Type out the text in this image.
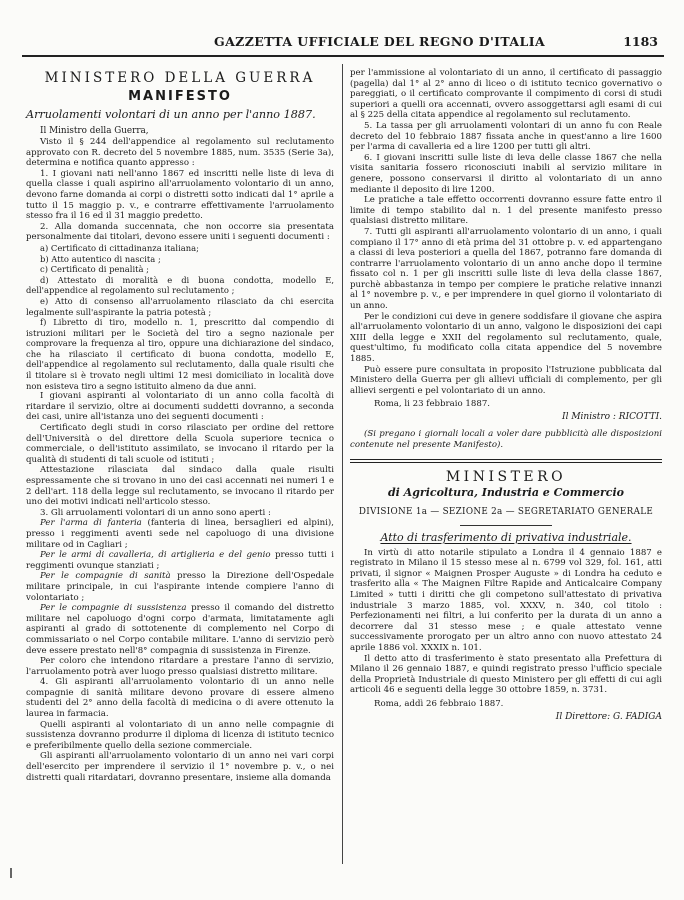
GAZZETTA UFFICIALE DEL REGNO D'ITALIA	1183
MINISTERO DELLA GUERRA
MANIFESTO
Arruolamenti volontari di un anno per l'anno 1887.

Il Ministro della Guerra,

Visto il § 244 dell'appendice al regolamento sul reclutamento approvato con R. decreto del 5 novembre 1885, num. 3535 (Serie 3a), determina e notifica quanto appresso :

1. I giovani nati nell'anno 1867 ed inscritti nelle liste di leva di quella classe i quali aspirino all'arruolamento volontario di un anno, devono farne domanda ai corpi o distretti sotto indicati dal 1° aprile a tutto il 15 maggio p. v., e contrarre effettivamente l'arruolamento stesso fra il 16 ed il 31 maggio predetto.

2. Alla domanda succennata, che non occorre sia presentata personalmente dai titolari, devono essere uniti i seguenti documenti :

a) Certificato di cittadinanza italiana;

b) Atto autentico di nascita ;

c) Certificato di penalità ;

d) Attestato di moralità e di buona condotta, modello E, dell'appendice al regolamento sul reclutamento ;

e) Atto di consenso all'arruolamento rilasciato da chi esercita legalmente sull'aspirante la patria potestà ;

f) Libretto di tiro, modello n. 1, prescritto dal compendio di istruzioni militari per le Società del tiro a segno nazionale per comprovare la frequenza al tiro, oppure una dichiarazione del sindaco, che ha rilasciato il certificato di buona condotta, modello E, dell'appendice al regolamento sul reclutamento, dalla quale risulti che il titolare si è trovato negli ultimi 12 mesi domiciliato in località dove non esisteva tiro a segno istituito almeno da due anni.

I giovani aspiranti al volontariato di un anno colla facoltà di ritardare il servizio, oltre ai documenti suddetti dovranno, a seconda dei casi, unire all'istanza uno dei seguenti documenti :

Certificato degli studi in corso rilasciato per ordine del rettore dell'Università o del direttore della Scuola superiore tecnica o commerciale, o dell'istituto assimilato, se invocano il ritardo per la qualità di studenti di tali scuole od istituti ;

Attestazione rilasciata dal sindaco dalla quale risulti espressamente che si trovano in uno dei casi accennati nei numeri 1 e 2 dell'art. 118 della legge sul reclutamento, se invocano il ritardo per uno dei motivi indicati nell'articolo stesso.

3. Gli arruolamenti volontari di un anno sono aperti :

Per l'arma di fanteria (fanteria di linea, bersaglieri ed alpini), presso i reggimenti aventi sede nel capoluogo di una divisione militare od in Cagliari ;

Per le armi di cavalleria, di artiglieria e del genio presso tutti i reggimenti ovunque stanziati ;

Per le compagnie di sanità presso la Direzione dell'Ospedale militare principale, in cui l'aspirante intende compiere l'anno di volontariato ;

Per le compagnie di sussistenza presso il comando del distretto militare nel capoluogo d'ogni corpo d'armata, limitatamente agli aspiranti al grado di sottotenente di complemento nel Corpo di commissariato o nel Corpo contabile militare. L'anno di servizio però deve essere prestato nell'8° compagnia di sussistenza in Firenze.

Per coloro che intendono ritardare a prestare l'anno di servizio, l'arruolamento potrà aver luogo presso qualsiasi distretto militare.

4. Gli aspiranti all'arruolamento volontario di un anno nelle compagnie di sanità militare devono provare di essere almeno studenti del 2° anno della facoltà di medicina o di avere ottenuto la laurea in farmacia.

Quelli aspiranti al volontariato di un anno nelle compagnie di sussistenza dovranno produrre il diploma di licenza di istituto tecnico e preferibilmente quello della sezione commerciale.

Gli aspiranti all'arruolamento volontario di un anno nei vari corpi dell'esercito per imprendere il servizio il 1° novembre p. v., o nei distretti quali ritardatari, dovranno presentare, insieme alla domanda

per l'ammissione al volontariato di un anno, il certificato di passaggio (pagella) dal 1° al 2° anno di liceo o di istituto tecnico governativo o pareggiati, o il certificato comprovante il compimento di corsi di studi superiori a quelli ora accennati, ovvero assoggettarsi agli esami di cui al § 225 della citata appendice al regolamento sul reclutamento.

5. La tassa per gli arruolamenti volontari di un anno fu con Reale decreto del 10 febbraio 1887 fissata anche in quest'anno a lire 1600 per l'arma di cavalleria ed a lire 1200 per tutti gli altri.

6. I giovani inscritti sulle liste di leva delle classe 1867 che nella visita sanitaria fossero riconosciuti inabili al servizio militare in genere, possono conservarsi il diritto al volontariato di un anno mediante il deposito di lire 1200.

Le pratiche a tale effetto occorrenti dovranno essure fatte entro il limite di tempo stabilito dal n. 1 del presente manifesto presso qualsiasi distretto militare.

7. Tutti gli aspiranti all'arruolamento volontario di un anno, i quali compiano il 17° anno di età prima del 31 ottobre p. v. ed appartengano a classi di leva posteriori a quella del 1867, potranno fare domanda di contrarre l'arruolamento volontario di un anno anche dopo il termine fissato col n. 1 per gli inscritti sulle liste di leva della classe 1867, purchè abbastanza in tempo per compiere le pratiche relative innanzi al 1° novembre p. v., e per imprendere in quel giorno il volontariato di un anno.

Per le condizioni cui deve in genere soddisfare il giovane che aspira all'arruolamento volontario di un anno, valgono le disposizioni dei capi XIII della legge e XXII del regolamento sul reclutamento, quale, quest'ultimo, fu modificato colla citata appendice del 5 novembre 1885.

Può essere pure consultata in proposito l'Istruzione pubblicata dal Ministero della Guerra per gli allievi ufficiali di complemento, per gli allievi sergenti e pel volontariato di un anno.

Roma, li 23 febbraio 1887.

Il Ministro : RICOTTI.

(Si pregano i giornali locali a voler dare pubblicità alle disposizioni contenute nel presente Manifesto).

MINISTERO
di Agricoltura, Industria e Commercio
DIVISIONE 1a — SEZIONE 2a — SEGRETARIATO GENERALE
Atto di trasferimento di privativa industriale.

In virtù di atto notarile stipulato a Londra il 4 gennaio 1887 e registrato in Milano il 15 stesso mese al n. 6799 vol 329, fol. 161, atti privati, il signor « Maignen Prosper Auguste » di Londra ha ceduto e trasferito alla « The Maignen Filtre Rapide and Anticalcaire Company Limited » tutti i diritti che gli competono sull'attestato di privativa industriale 3 marzo 1885, vol. XXXV, n. 340, col titolo : Perfezionamenti nei filtri, a lui conferito per la durata di un anno a decorrere dal 31 stesso mese ; e quale attestato venne successivamente prorogato per un altro anno con nuovo attestato 24 aprile 1886 vol. XXXIX n. 101.

Il detto atto di trasferimento è stato presentato alla Prefettura di Milano il 26 gennaio 1887, e quindi registrato presso l'ufficio speciale della Proprietà Industriale di questo Ministero per gli effetti di cui agli articoli 46 e seguenti della legge 30 ottobre 1859, n. 3731.

Roma, addì 26 febbraio 1887.

Il Direttore: G. FADIGA
